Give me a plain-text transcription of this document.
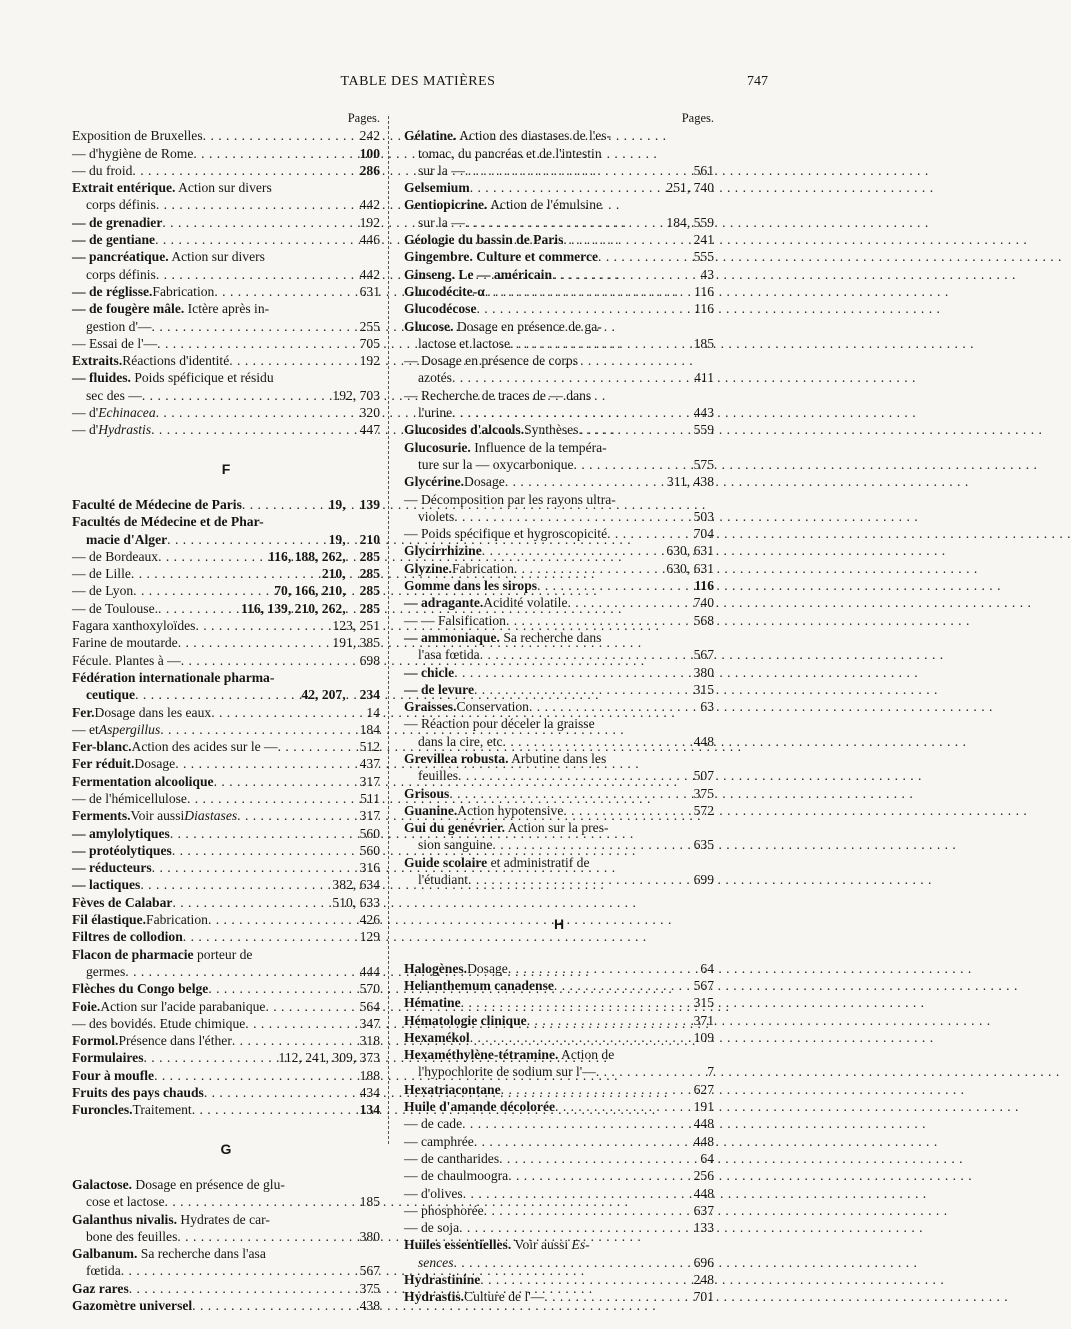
TABLE DES MATIÈRES	747
Pages.
Exposition de Bruxelles . . .	242
— d'hygiène de Rome . . .	100
— du froid . . .	286
Extrait entérique. Action sur divers
corps définis . . .	442
— de grenadier . . .	192
— de gentiane . . .	446
— pancréatique. Action sur divers
corps définis . . .	442
— de réglisse. Fabrication . . .	631
— de fougère mâle. Ictère après in-
gestion d'— . . .	255
— Essai de l'— . . .	705
Extraits. Réactions d'identité . . .	192
— fluides. Poids spéficique et résidu
sec des — . . .	192, 703
— d' Echinacea . . .	320
— d' Hydrastis . . .	447
F
Faculté de Médecine de Paris . . .	19,	139
Facultés de Médecine et de Phar-
macie d'Alger . . .	19,	210
— de Bordeaux . . .	116, 188, 262,	285
— de Lille . . .	210,	285
— de Lyon . . .	70, 166, 210,	285
— de Toulouse. . . .	116, 139, 210, 262,	285
Fagara xanthoxyloïdes . . .	123, 251
Farine de moutarde . . .	191, 385
Fécule. Plantes à — . . .	698
Fédération internationale pharma-
ceutique . . .	42, 207,	234
Fer. Dosage dans les eaux . . .	14
— et Aspergillus . . .	184
Fer-blanc. Action des acides sur le — . . .	512
Fer réduit. Dosage . . .	437
Fermentation alcoolique . . .	317
— de l'hémicellulose . . .	511
Ferments. Voir aussi Diastases . . .	317
— amylolytiques . . .	560
— protéolytiques . . .	560
— réducteurs . . .	316
— lactiques . . .	382, 634
Fèves de Calabar . . .	510, 633
Fil élastique. Fabrication . . .	426
Filtres de collodion . . .	129
Flacon de pharmacie porteur de
germes . . .	444
Flèches du Congo belge . . .	570
Foie. Action sur l'acide parabanique . . .	564
— des bovidés. Etude chimique . . .	347
Formol. Présence dans l'éther . . .	318
Formulaires . . .	112, 241, 309, 373
Four à moufle . . .	188
Fruits des pays chauds . . .	434
Furoncles. Traitement . . .	134
G
Galactose. Dosage en présence de glu-
cose et lactose . . .	185
Galanthus nivalis. Hydrates de car-
bone des feuilles . . .	380
Galbanum. Sa recherche dans l'asa
fœtida . . .	567
Gaz rares . . .	375
Gazomètre universel . . .	438
Pages.
Gélatine. Action des diastases de l'es-
tomac, du pancréas et de l'intestin
sur la — . . .	561
Gelsemium . . .	251, 740
Gentiopicrine. Action de l'émulsine
sur la — . . .	184, 559
Géologie du bassin de Paris . . .	241
Gingembre. Culture et commerce . . .	555
Ginseng. Le — américain . . .	43
Glucodécite-α . . .	116
Glucodécose . . .	116
Glucose. Dosage en présence de ga-
lactose et lactose . . .	185
— Dosage en présence de corps
azotés . . .	411
— Recherche de traces de — dans
l'urine . . .	443
Glucosides d'alcools. Synthèses . . .	559
Glucosurie. Influence de la tempéra-
ture sur la — oxycarbonique . . .	575
Glycérine. Dosage . . .	311, 438
— Décomposition par les rayons ultra-
violets . . .	503
— Poids spécifique et hygroscopicité . . .	704
Glycirrhizine . . .	630, 631
Glyzine. Fabrication . . .	630, 631
Gomme dans les sirops . . .	116
— adragante. Acidité volatile . . .	740
— — Falsification . . .	568
— ammoniaque. Sa recherche dans
l'asa fœtida . . .	567
— chicle . . .	380
— de levure . . .	315
Graisses. Conservation . . .	63
— Réaction pour déceler la graisse
dans la cire, etc . . .	448
Grevillea robusta. Arbutine dans les
feuilles . . .	507
Grisous . . .	375
Guanine. Action hypotensive . . .	572
Gui du genévrier. Action sur la pres-
sion sanguine . . .	635
Guide scolaire et administratif de
l'étudiant . . .	699
H
Halogènes. Dosage . . .	64
Helianthemum canadense . . .	567
Hématine . . .	315
Hématologie clinique . . .	371
Hexamékol . . .	109
Hexaméthylène-tétramine. Action de
l'hypochlorite de sodium sur l'— . . .	7
Hexatriacontane . . .	627
Huile d'amande décolorée . . .	191
— de cade . . .	448
— camphrée . . .	448
— de cantharides . . .	64
— de chaulmoogra . . .	256
— d'olives . . .	448
— phosphorée . . .	637
— de soja . . .	133
Huiles essentielles. Voir aussi Es-
sences . . .	696
Hydrastinine . . .	248
Hydrastis. Culture de l'— . . .	701
